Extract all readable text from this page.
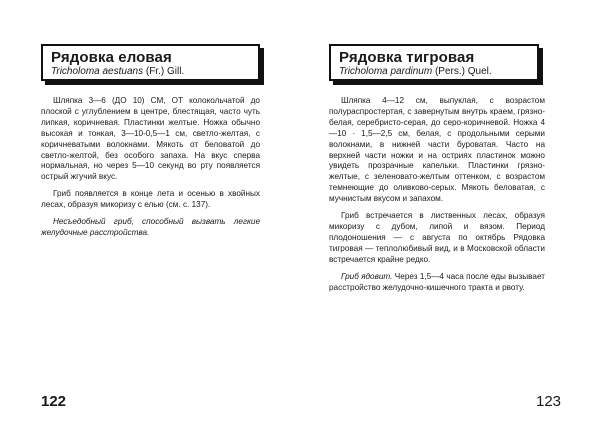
Рядовка еловая
Tricholoma aestuans (Fr.) Gill.

Шляпка 3—6 (ДО 10) СМ, ОТ колокольчатой до плоской с углублением в центре, блестящая, часто чуть липкая, коричневая. Пластинки желтые. Ножка обычно высокая и тонкая, 3—10-0,5—1 см, светло-желтая, с коричневатыми волокнами. Мякоть от беловатой до светло-желтой, без особого запаха. На вкус сперва нормальная, но через 5—10 секунд во рту появляется острый жгучий вкус.

Гриб появляется в конце лета и осенью в хвойных лесах, образуя микоризу с елью (см. с. 137).

Несъедобный гриб, способный вызвать легкие желудочные расстройства.

122
Рядовка тигровая
Tricholoma pardinum (Pers.) Quel.

Шляпка 4—12 см, выпуклая, с возрастом полураспростертая, с завернутым внутрь краем, грязно-белая, серебристо-серая, до серо-коричневой. Ножка 4—10 · 1,5—2,5 см, белая, с продольными серыми волокнами, в нижней части буроватая. Часто на верхней части ножки и на остриях пластинок можно увидеть прозрачные капельки. Пластинки грязно-желтые, с зеленовато-желтым оттенком, с возрастом темнеющие до оливково-серых. Мякоть беловатая, с мучнистым вкусом и запахом.

Гриб встречается в лиственных лесах, образуя микоризу с дубом, липой и вязом. Период плодоношения — с августа по октябрь Рядовка тигровая — теплолюбивый вид, и в Московской области встречается крайне редко.

Гриб ядовит. Через 1,5—4 часа после еды вызывает расстройство желудочно-кишечного тракта и рвоту.

123
